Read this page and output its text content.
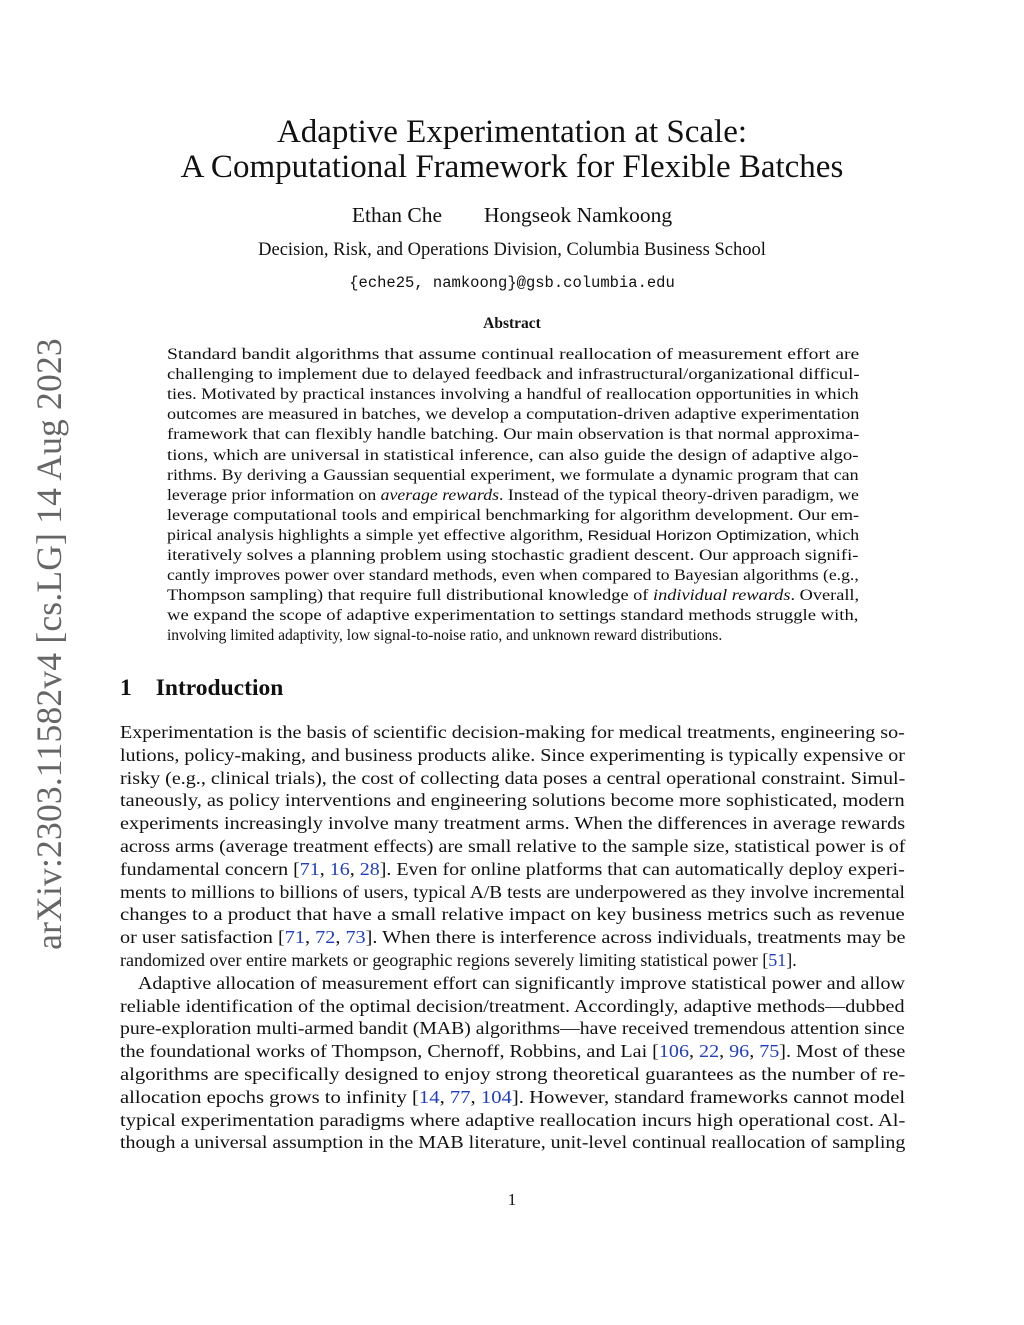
arXiv:2303.11582v4 [cs.LG] 14 Aug 2023
Adaptive Experimentation at Scale:
A Computational Framework for Flexible Batches
Ethan Che Hongseok Namkoong
Decision, Risk, and Operations Division, Columbia Business School
{eche25, namkoong}@gsb.columbia.edu
Abstract
Standard bandit algorithms that assume continual reallocation of measurement effort are
challenging to implement due to delayed feedback and infrastructural/organizational difficul-
ties. Motivated by practical instances involving a handful of reallocation opportunities in which
outcomes are measured in batches, we develop a computation-driven adaptive experimentation
framework that can flexibly handle batching. Our main observation is that normal approxima-
tions, which are universal in statistical inference, can also guide the design of adaptive algo-
rithms. By deriving a Gaussian sequential experiment, we formulate a dynamic program that can
leverage prior information on average rewards. Instead of the typical theory-driven paradigm, we
leverage computational tools and empirical benchmarking for algorithm development. Our em-
pirical analysis highlights a simple yet effective algorithm, Residual Horizon Optimization, which
iteratively solves a planning problem using stochastic gradient descent. Our approach signifi-
cantly improves power over standard methods, even when compared to Bayesian algorithms (e.g.,
Thompson sampling) that require full distributional knowledge of individual rewards. Overall,
we expand the scope of adaptive experimentation to settings standard methods struggle with,
involving limited adaptivity, low signal-to-noise ratio, and unknown reward distributions.
1 Introduction
Experimentation is the basis of scientific decision-making for medical treatments, engineering so-
lutions, policy-making, and business products alike. Since experimenting is typically expensive or
risky (e.g., clinical trials), the cost of collecting data poses a central operational constraint. Simul-
taneously, as policy interventions and engineering solutions become more sophisticated, modern
experiments increasingly involve many treatment arms. When the differences in average rewards
across arms (average treatment effects) are small relative to the sample size, statistical power is of
fundamental concern [71, 16, 28]. Even for online platforms that can automatically deploy experi-
ments to millions to billions of users, typical A/B tests are underpowered as they involve incremental
changes to a product that have a small relative impact on key business metrics such as revenue
or user satisfaction [71, 72, 73]. When there is interference across individuals, treatments may be
randomized over entire markets or geographic regions severely limiting statistical power [51].
Adaptive allocation of measurement effort can significantly improve statistical power and allow
reliable identification of the optimal decision/treatment. Accordingly, adaptive methods—dubbed
pure-exploration multi-armed bandit (MAB) algorithms—have received tremendous attention since
the foundational works of Thompson, Chernoff, Robbins, and Lai [106, 22, 96, 75]. Most of these
algorithms are specifically designed to enjoy strong theoretical guarantees as the number of re-
allocation epochs grows to infinity [14, 77, 104]. However, standard frameworks cannot model
typical experimentation paradigms where adaptive reallocation incurs high operational cost. Al-
though a universal assumption in the MAB literature, unit-level continual reallocation of sampling
1
